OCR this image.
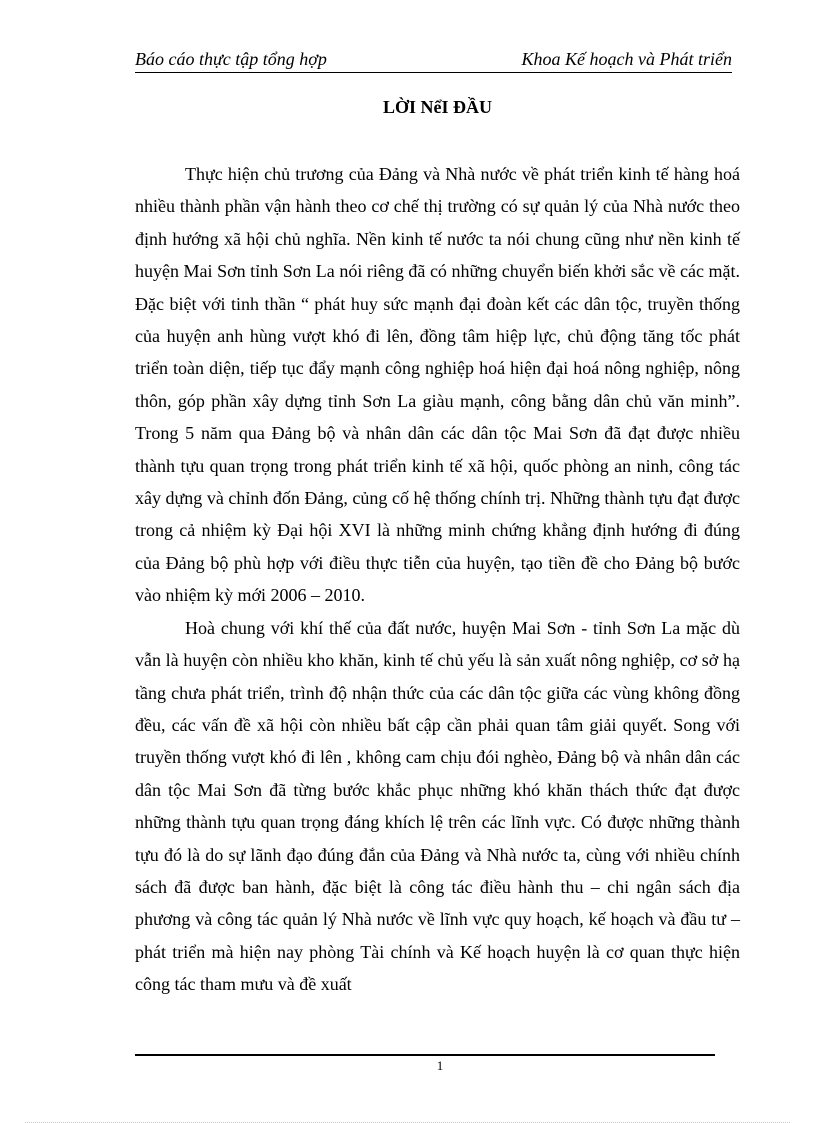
Báo cáo thực tập tổng hợp	Khoa Kế hoạch và Phát triển
LỜI NểI ĐẦU

Thực hiện chủ trương của Đảng và Nhà nước về phát triển kinh tế hàng hoá nhiều thành phần vận hành theo cơ chế thị trường có sự quản lý của Nhà nước theo định hướng xã hội chủ nghĩa. Nền kinh tế nước ta nói chung cũng như nền kinh tế huyện Mai Sơn tỉnh Sơn La nói riêng đã có những chuyển biến khởi sắc về các mặt. Đặc biệt với tinh thần “ phát huy sức mạnh đại đoàn kết các dân tộc, truyền thống của huyện anh hùng vượt khó đi lên, đồng tâm hiệp lực, chủ động tăng tốc phát triển toàn diện, tiếp tục đẩy mạnh công nghiệp hoá hiện đại hoá nông nghiệp, nông thôn, góp phần xây dựng tỉnh Sơn La giàu mạnh, công bằng dân chủ văn minh”. Trong 5 năm qua Đảng bộ và nhân dân các dân tộc Mai Sơn đã đạt được nhiều thành tựu quan trọng trong phát triển kinh tế xã hội, quốc phòng an ninh, công tác xây dựng và chỉnh đốn Đảng, củng cố hệ thống chính trị. Những thành tựu đạt được trong cả nhiệm kỳ Đại hội XVI là những minh chứng khẳng định hướng đi đúng của Đảng bộ phù hợp với điều thực tiễn của huyện, tạo tiền đề cho Đảng bộ bước vào nhiệm kỳ mới 2006 – 2010.

Hoà chung với khí thế của đất nước, huyện Mai Sơn - tỉnh Sơn La mặc dù vẫn là huyện còn nhiều kho khăn, kinh tế chủ yếu là sản xuất nông nghiệp, cơ sở hạ tầng chưa phát triển, trình độ nhận thức của các dân tộc giữa các vùng không đồng đều, các vấn đề xã hội còn nhiều bất cập cần phải quan tâm giải quyết. Song với truyền thống vượt khó đi lên , không cam chịu đói nghèo, Đảng bộ và nhân dân các dân tộc Mai Sơn đã từng bước khắc phục những khó khăn thách thức đạt được những thành tựu quan trọng đáng khích lệ trên các lĩnh vực. Có được những thành tựu đó là do sự lãnh đạo đúng đắn của Đảng và Nhà nước ta, cùng với nhiều chính sách đã được ban hành, đặc biệt là công tác điều hành thu – chi ngân sách địa phương và công tác quản lý Nhà nước về lĩnh vực quy hoạch, kế hoạch và đầu tư – phát triển mà hiện nay phòng Tài chính và Kế hoạch huyện là cơ quan thực hiện công tác tham mưu và đề xuất

1
